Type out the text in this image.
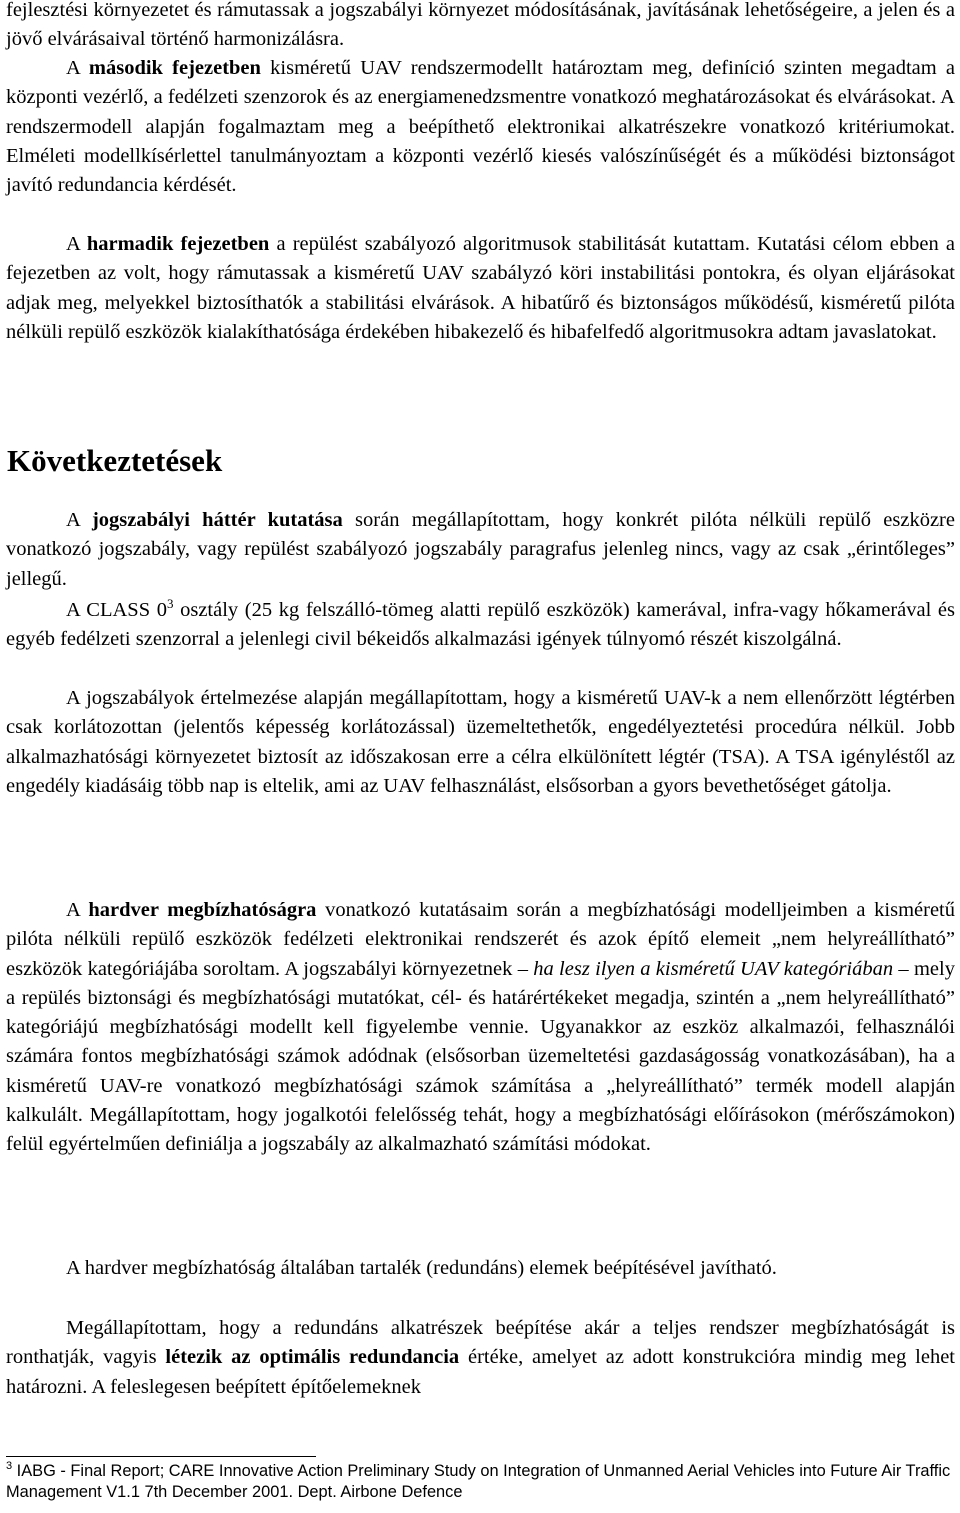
fejlesztési környezetet és rámutassak a jogszabályi környezet módosításának, javításának lehetőségeire, a jelen és a jövő elvárásaival történő harmonizálásra.

A második fejezetben kisméretű UAV rendszermodellt határoztam meg, definíció szinten megadtam a központi vezérlő, a fedélzeti szenzorok és az energiamenedzsmentre vonatkozó meghatározásokat és elvárásokat. A rendszermodell alapján fogalmaztam meg a beépíthető elektronikai alkatrészekre vonatkozó kritériumokat. Elméleti modellkísérlettel tanulmányoztam a központi vezérlő kiesés valószínűségét és a működési biztonságot javító redundancia kérdését.

A harmadik fejezetben a repülést szabályozó algoritmusok stabilitását kutattam. Kutatási célom ebben a fejezetben az volt, hogy rámutassak a kisméretű UAV szabályzó köri instabilitási pontokra, és olyan eljárásokat adjak meg, melyekkel biztosíthatók a stabilitási elvárások. A hibatűrő és biztonságos működésű, kisméretű pilóta nélküli repülő eszközök kialakíthatósága érdekében hibakezelő és hibafelfedő algoritmusokra adtam javaslatokat.

Következtetések

A jogszabályi háttér kutatása során megállapítottam, hogy konkrét pilóta nélküli repülő eszközre vonatkozó jogszabály, vagy repülést szabályozó jogszabály paragrafus jelenleg nincs, vagy az csak „érintőleges” jellegű.

A CLASS $0^3$ osztály (25 kg felszálló-tömeg alatti repülő eszközök) kamerával, infra-vagy hőkamerával és egyéb fedélzeti szenzorral a jelenlegi civil békeidős alkalmazási igények túlnyomó részét kiszolgálná.

A jogszabályok értelmezése alapján megállapítottam, hogy a kisméretű UAV-k a nem ellenőrzött légtérben csak korlátozottan (jelentős képesség korlátozással) üzemeltethetők, engedélyeztetési procedúra nélkül. Jobb alkalmazhatósági környezetet biztosít az időszakosan erre a célra elkülönített légtér (TSA). A TSA igényléstől az engedély kiadásáig több nap is eltelik, ami az UAV felhasználást, elsősorban a gyors bevethetőséget gátolja.

A hardver megbízhatóságra vonatkozó kutatásaim során a megbízhatósági modelljeimben a kisméretű pilóta nélküli repülő eszközök fedélzeti elektronikai rendszerét és azok építő elemeit „nem helyreállítható” eszközök kategóriájába soroltam. A jogszabályi környezetnek – ha lesz ilyen a kisméretű UAV kategóriában – mely a repülés biztonsági és megbízhatósági mutatókat, cél- és határértékeket megadja, szintén a „nem helyreállítható” kategóriájú megbízhatósági modellt kell figyelembe vennie. Ugyanakkor az eszköz alkalmazói, felhasználói számára fontos megbízhatósági számok adódnak (elsősorban üzemeltetési gazdaságosság vonatkozásában), ha a kisméretű UAV-re vonatkozó megbízhatósági számok számítása a „helyreállítható” termék modell alapján kalkulált. Megállapítottam, hogy jogalkotói felelősség tehát, hogy a megbízhatósági előírásokon (mérőszámokon) felül egyértelműen definiálja a jogszabály az alkalmazható számítási módokat.

A hardver megbízhatóság általában tartalék (redundáns) elemek beépítésével javítható.

Megállapítottam, hogy a redundáns alkatrészek beépítése akár a teljes rendszer megbízhatóságát is ronthatják, vagyis létezik az optimális redundancia értéke, amelyet az adott konstrukcióra mindig meg lehet határozni. A feleslegesen beépített építőelemeknek

$^3$ IABG - Final Report; CARE Innovative Action Preliminary Study on Integration of Unmanned Aerial Vehicles into Future Air Traffic Management V1.1 7th December 2001. Dept. Airbone Defence
